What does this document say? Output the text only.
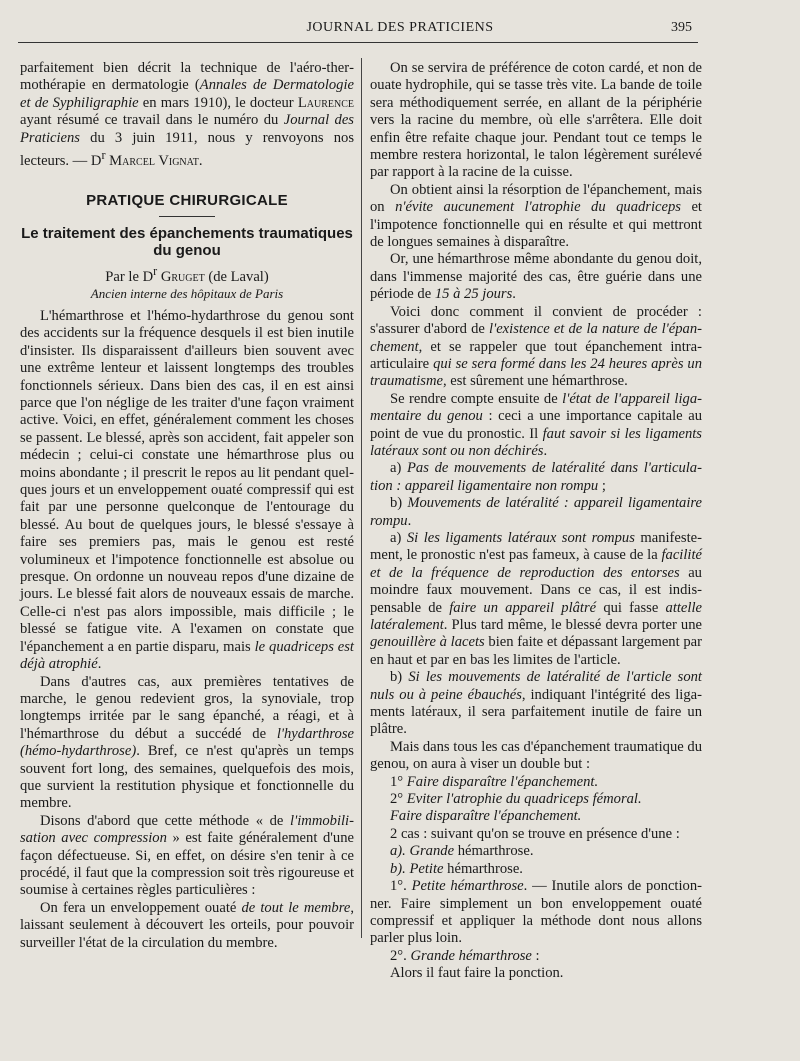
JOURNAL DES PRATICIENS	395

parfaitement bien décrit la technique de l'aéro-thermothérapie en dermatologie (Annales de Dermatologie et de Syphiligraphie en mars 1910), le docteur Laurence ayant résumé ce travail dans le numéro du Journal des Praticiens du 3 juin 1911, nous y renvoyons nos lecteurs. — $D^r$ Marcel Vignat.

PRATIQUE CHIRURGICALE
Le traitement des épanchements traumatiques du genou
Par le $D^r$ Gruget (de Laval)
Ancien interne des hôpitaux de Paris

L'hémarthrose et l'hémo-hydarthrose du genou sont des accidents sur la fréquence desquels il est bien inutile d'insister. Ils disparaissent d'ailleurs bien souvent avec une extrême lenteur et laissent longtemps des troubles fonctionnels sérieux. Dans bien des cas, il en est ainsi parce que l'on néglige de les traiter d'une façon vraiment active. Voici, en effet, généralement comment les choses se passent. Le blessé, après son accident, fait appeler son médecin ; celui-ci constate une hémarthrose plus ou moins abondante ; il prescrit le repos au lit pendant quelques jours et un enveloppement ouaté compressif qui est fait par une personne quelconque de l'entourage du blessé. Au bout de quelques jours, le blessé s'essaye à faire ses premiers pas, mais le genou est resté volumineux et l'impotence fonctionnelle est absolue ou presque. On ordonne un nouveau repos d'une dizaine de jours. Le blessé fait alors de nouveaux essais de marche. Celle-ci n'est pas alors impossible, mais difficile ; le blessé se fatigue vite. A l'examen on constate que l'épanchement a en partie disparu, mais le quadriceps est déjà atrophié.

Dans d'autres cas, aux premières tentatives de marche, le genou redevient gros, la synoviale, trop longtemps irritée par le sang épanché, a réagi, et à l'hémarthrose du début a succédé de l'hydarthrose (hémo-hydarthrose). Bref, ce n'est qu'après un temps souvent fort long, des semaines, quelquefois des mois, que survient la restitution physique et fonctionnelle du membre.

Disons d'abord que cette méthode « de l'immobilisation avec compression » est faite généralement d'une façon défectueuse. Si, en effet, on désire s'en tenir à ce procédé, il faut que la compression soit très rigoureuse et soumise à certaines règles particulières :

On fera un enveloppement ouaté de tout le membre, laissant seulement à découvert les orteils, pour pouvoir surveiller l'état de la circulation du membre.

On se servira de préférence de coton cardé, et non de ouate hydrophile, qui se tasse très vite. La bande de toile sera méthodiquement serrée, en allant de la périphérie vers la racine du membre, où elle s'arrêtera. Elle doit enfin être refaite chaque jour. Pendant tout ce temps le membre restera horizontal, le talon légèrement surélevé par rapport à la racine de la cuisse.

On obtient ainsi la résorption de l'épanchement, mais on n'évite aucunement l'atrophie du quadriceps et l'impotence fonctionnelle qui en résulte et qui mettront de longues semaines à disparaître.

Or, une hémarthrose même abondante du genou doit, dans l'immense majorité des cas, être guérie dans une période de 15 à 25 jours.

Voici donc comment il convient de procéder : s'assurer d'abord de l'existence et de la nature de l'épanchement, et se rappeler que tout épanchement intraarticulaire qui se sera formé dans les 24 heures après un traumatisme, est sûrement une hémarthrose.

Se rendre compte ensuite de l'état de l'appareil ligamentaire du genou : ceci a une importance capitale au point de vue du pronostic. Il faut savoir si les ligaments latéraux sont ou non déchirés.

a) Pas de mouvements de latéralité dans l'articulation : appareil ligamentaire non rompu ;

b) Mouvements de latéralité : appareil ligamentaire rompu.

a) Si les ligaments latéraux sont rompus manifestement, le pronostic n'est pas fameux, à cause de la facilité et de la fréquence de reproduction des entorses au moindre faux mouvement. Dans ce cas, il est indispensable de faire un appareil plâtré qui fasse attelle latéralement. Plus tard même, le blessé devra porter une genouillère à lacets bien faite et dépassant largement par en haut et par en bas les limites de l'article.

b) Si les mouvements de latéralité de l'article sont nuls ou à peine ébauchés, indiquant l'intégrité des ligaments latéraux, il sera parfaitement inutile de faire un plâtre.

Mais dans tous les cas d'épanchement traumatique du genou, on aura à viser un double but :

1° Faire disparaître l'épanchement.

2° Eviter l'atrophie du quadriceps fémoral.

Faire disparaître l'épanchement.

2 cas : suivant qu'on se trouve en présence d'une :

a). Grande hémarthrose.

b). Petite hémarthrose.

1°. Petite hémarthrose. — Inutile alors de ponctionner. Faire simplement un bon enveloppement ouaté compressif et appliquer la méthode dont nous allons parler plus loin.

2°. Grande hémarthrose :

Alors il faut faire la ponction.
